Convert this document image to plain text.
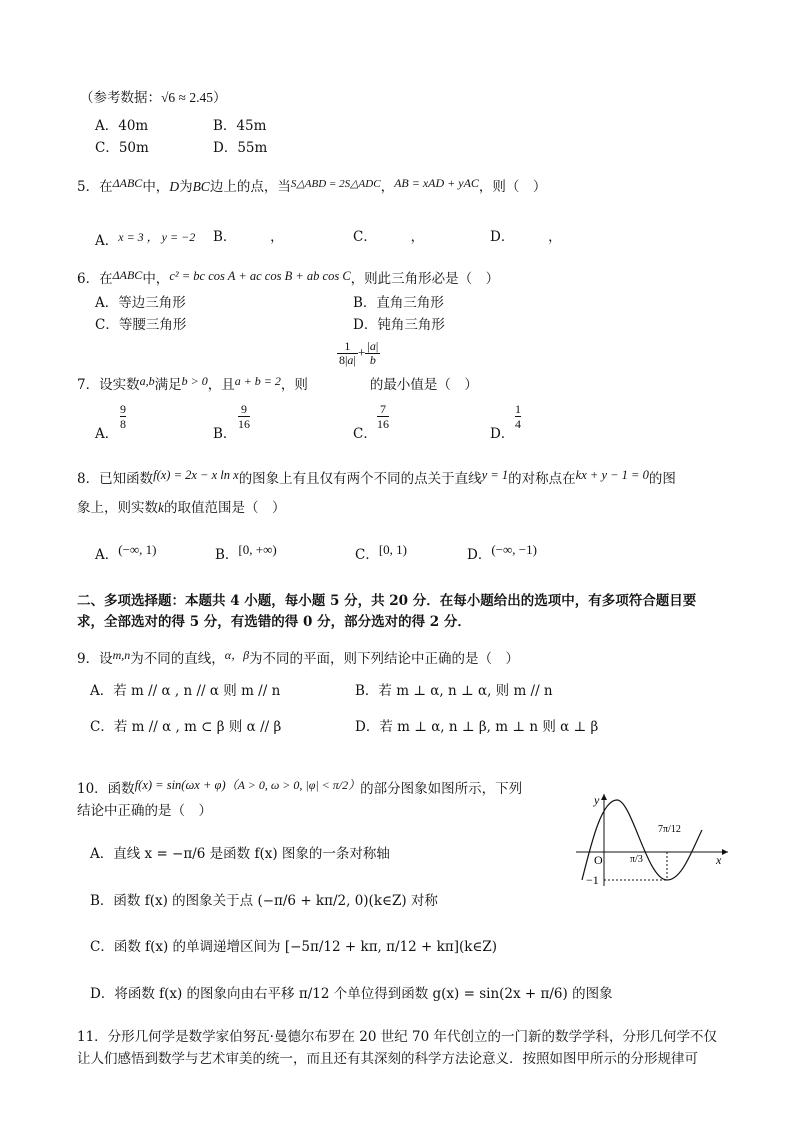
（参考数据：√6 ≈ 2.45）
A．40m	B．45m
C．50m	D．55m
5．在ΔABC中，D为BC边上的点，当$^{S\triangle ABD = 2S\triangle ADC}$，AB = xAD + yAC，则（　）
A．x = 3 ， y = −2 B．　　　，	C．　　　，	D．　　　，
6．在ΔABC中，c² = bc cos A + ac cos B + ab cos C，则此三角形必是（　）
A．等边三角形	B．直角三角形
C．等腰三角形	D．钝角三角形
7．设实数a,b满足b > 0，且a + b = 2，则	的最小值是（　）
$\frac{1}{8|a|} + \frac{|a|}{b}$
A．
9
8
B．
9
16
C．
7
16
D．
1
4
8．已知函数f(x) = 2x − x ln x的图象上有且仅有两个不同的点关于直线y = 1的对称点在kx + y − 1 = 0的图
象上，则实数k的取值范围是（　）
A．(−∞, 1)	B．[0, +∞)	C．[0, 1)	D．(−∞, −1)
二、多项选择题：本题共 4 小题，每小题 5 分，共 20 分．在每小题给出的选项中，有多项符合题目要
求，全部选对的得 5 分，有选错的得 0 分，部分选对的得 2 分．
9．设m,n为不同的直线，α，β为不同的平面，则下列结论中正确的是（　）
A．若 m // α , n // α 则 m // n	B．若 m ⊥ α, n ⊥ α, 则 m // n
C．若 m // α , m ⊂ β 则 α // β	D．若 m ⊥ α, n ⊥ β, m ⊥ n 则 α ⊥ β
10．函数f(x) = sin(ωx + φ)（A > 0, ω > 0, |φ| < π/2）的部分图象如图所示，下列
结论中正确的是（　）
A．直线 x = −π/6 是函数 f(x) 图象的一条对称轴
B．函数 f(x) 的图象关于点 (−π/6 + kπ/2, 0)(k∈Z) 对称
C．函数 f(x) 的单调递增区间为 [−5π/12 + kπ, π/12 + kπ](k∈Z)
D．将函数 f(x) 的图象向由右平移 π/12 个单位得到函数 g(x) = sin(2x + π/6) 的图象
y
x
O	π/3
7π/12
−1
11．分形几何学是数学家伯努瓦·曼德尔布罗在 20 世纪 70 年代创立的一门新的数学学科，分形几何学不仅
让人们感悟到数学与艺术审美的统一，而且还有其深刻的科学方法论意义．按照如图甲所示的分形规律可
